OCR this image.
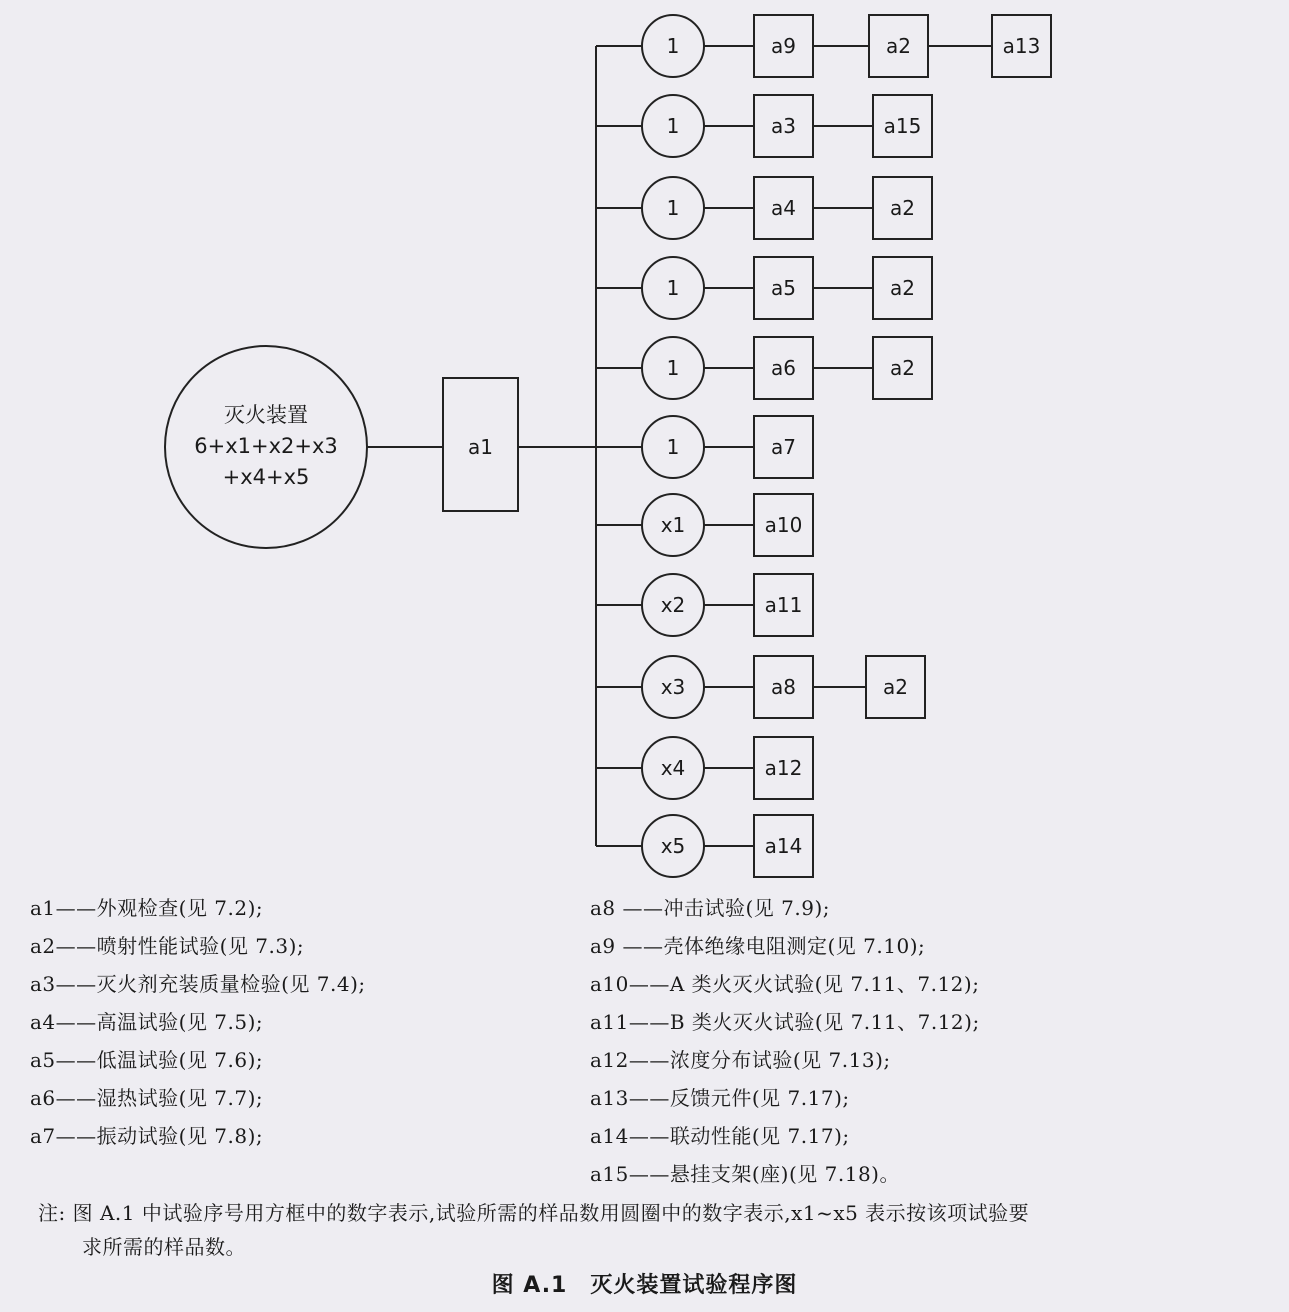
灭火装置
6+x1+x2+x3
+x4+x5
a1
1	a9	a2	a13
1	a3	a15
1	a4	a2
1	a5	a2
1	a6	a2
1	a7
x1	a10
x2	a11
x3	a8	a2
x4	a12
x5	a14
a1——外观检查(见 7.2);
a2——喷射性能试验(见 7.3);
a3——灭火剂充装质量检验(见 7.4);
a4——高温试验(见 7.5);
a5——低温试验(见 7.6);
a6——湿热试验(见 7.7);
a7——振动试验(见 7.8);
a8 ——冲击试验(见 7.9);
a9 ——壳体绝缘电阻测定(见 7.10);
a10——A 类火灭火试验(见 7.11、7.12);
a11——B 类火灭火试验(见 7.11、7.12);
a12——浓度分布试验(见 7.13);
a13——反馈元件(见 7.17);
a14——联动性能(见 7.17);
a15——悬挂支架(座)(见 7.18)。
注: 图 A.1 中试验序号用方框中的数字表示,试验所需的样品数用圆圈中的数字表示,x1~x5 表示按该项试验要
求所需的样品数。
图 A.1　灭火装置试验程序图
